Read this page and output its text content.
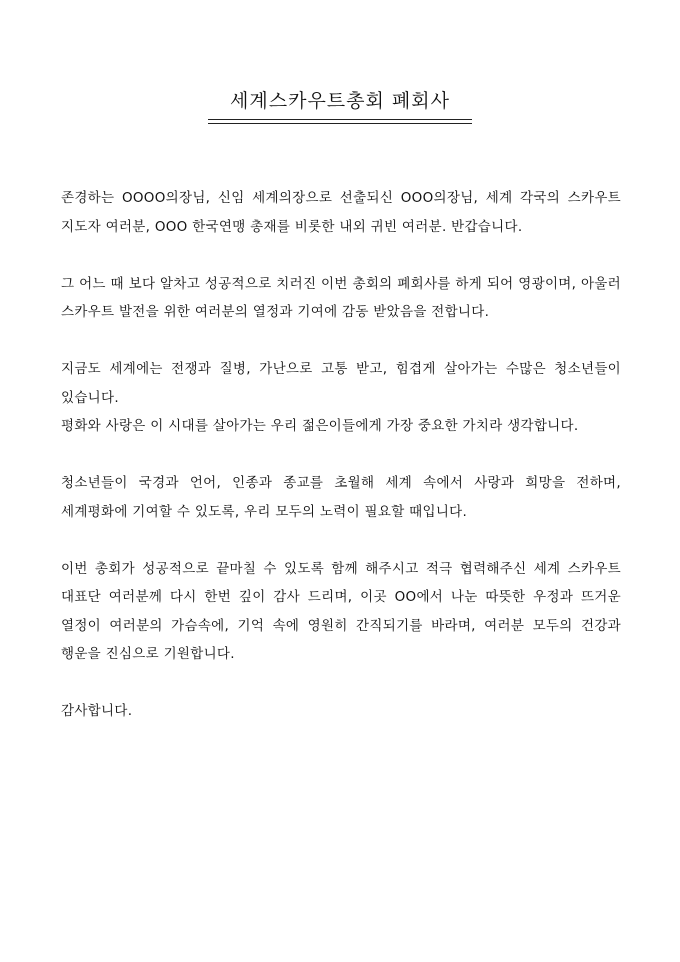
세계스카우트총회 폐회사

존경하는 OOOO의장님, 신임 세계의장으로 선출되신 OOO의장님, 세계 각국의 스카우트 지도자 여러분, OOO 한국연맹 총재를 비롯한 내외 귀빈 여러분. 반갑습니다.

그 어느 때 보다 알차고 성공적으로 치러진 이번 총회의 폐회사를 하게 되어 영광이며, 아울러 스카우트 발전을 위한 여러분의 열정과 기여에 감동 받았음을 전합니다.

지금도 세계에는 전쟁과 질병, 가난으로 고통 받고, 힘겹게 살아가는 수많은 청소년들이 있습니다.

평화와 사랑은 이 시대를 살아가는 우리 젊은이들에게 가장 중요한 가치라 생각합니다.

청소년들이 국경과 언어, 인종과 종교를 초월해 세계 속에서 사랑과 희망을 전하며, 세계평화에 기여할 수 있도록, 우리 모두의 노력이 필요할 때입니다.

이번 총회가 성공적으로 끝마칠 수 있도록 함께 해주시고 적극 협력해주신 세계 스카우트 대표단 여러분께 다시 한번 깊이 감사 드리며, 이곳 OO에서 나눈 따뜻한 우정과 뜨거운 열정이 여러분의 가슴속에, 기억 속에 영원히 간직되기를 바라며, 여러분 모두의 건강과 행운을 진심으로 기원합니다.

감사합니다.
